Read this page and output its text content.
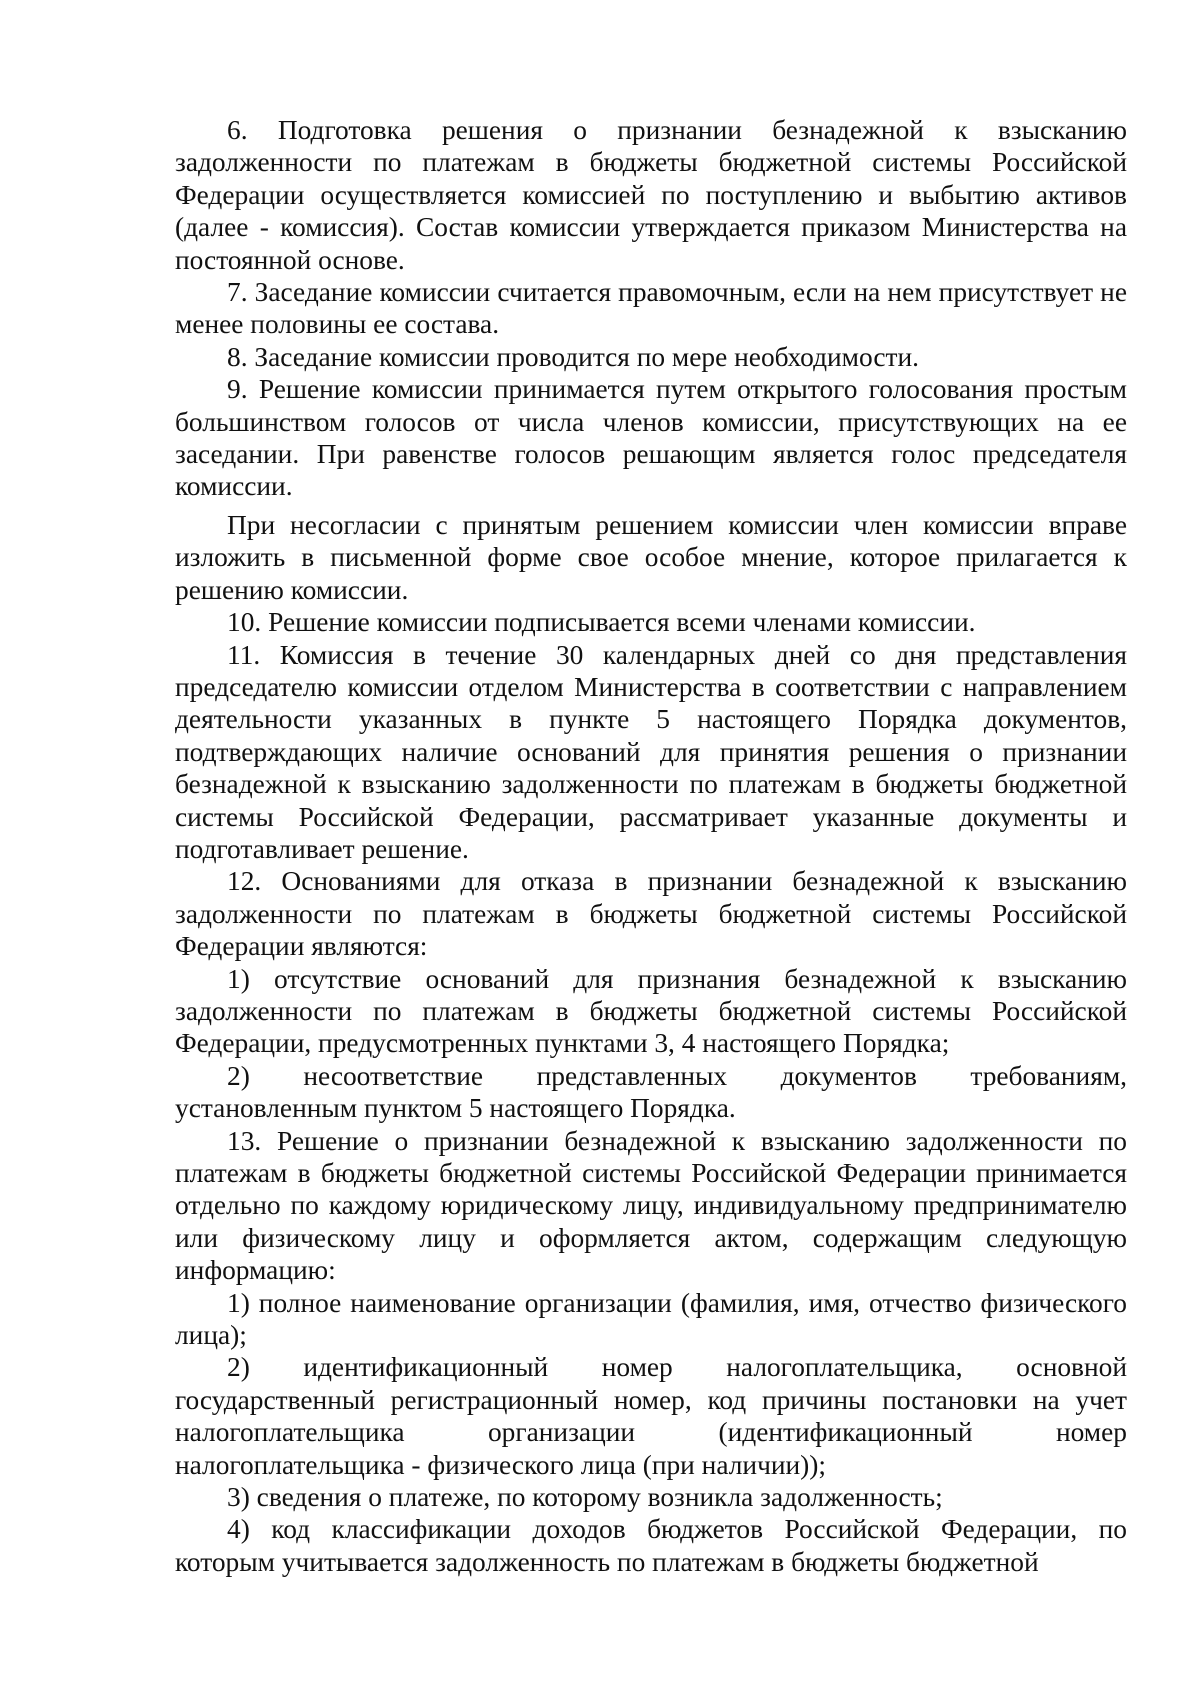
6. Подготовка решения о признании безнадежной к взысканию задолженности по платежам в бюджеты бюджетной системы Российской Федерации осуществляется комиссией по поступлению и выбытию активов (далее - комиссия). Состав комиссии утверждается приказом Министерства на постоянной основе.

7. Заседание комиссии считается правомочным, если на нем присутствует не менее половины ее состава.

8. Заседание комиссии проводится по мере необходимости.

9. Решение комиссии принимается путем открытого голосования простым большинством голосов от числа членов комиссии, присутствующих на ее заседании. При равенстве голосов решающим является голос председателя комиссии.

При несогласии с принятым решением комиссии член комиссии вправе изложить в письменной форме свое особое мнение, которое прилагается к решению комиссии.

10. Решение комиссии подписывается всеми членами комиссии.

11. Комиссия в течение 30 календарных дней со дня представления председателю комиссии отделом Министерства в соответствии с направлением деятельности указанных в пункте 5 настоящего Порядка документов, подтверждающих наличие оснований для принятия решения о признании безнадежной к взысканию задолженности по платежам в бюджеты бюджетной системы Российской Федерации, рассматривает указанные документы и подготавливает решение.

12. Основаниями для отказа в признании безнадежной к взысканию задолженности по платежам в бюджеты бюджетной системы Российской Федерации являются:

1) отсутствие оснований для признания безнадежной к взысканию задолженности по платежам в бюджеты бюджетной системы Российской Федерации, предусмотренных пунктами 3, 4 настоящего Порядка;

2) несоответствие представленных документов требованиям, установленным пунктом 5 настоящего Порядка.

13. Решение о признании безнадежной к взысканию задолженности по платежам в бюджеты бюджетной системы Российской Федерации принимается отдельно по каждому юридическому лицу, индивидуальному предпринимателю или физическому лицу и оформляется актом, содержащим следующую информацию:

1) полное наименование организации (фамилия, имя, отчество физического лица);

2) идентификационный номер налогоплательщика, основной государственный регистрационный номер, код причины постановки на учет налогоплательщика организации (идентификационный номер налогоплательщика - физического лица (при наличии));

3) сведения о платеже, по которому возникла задолженность;

4) код классификации доходов бюджетов Российской Федерации, по которым учитывается задолженность по платежам в бюджеты бюджетной
